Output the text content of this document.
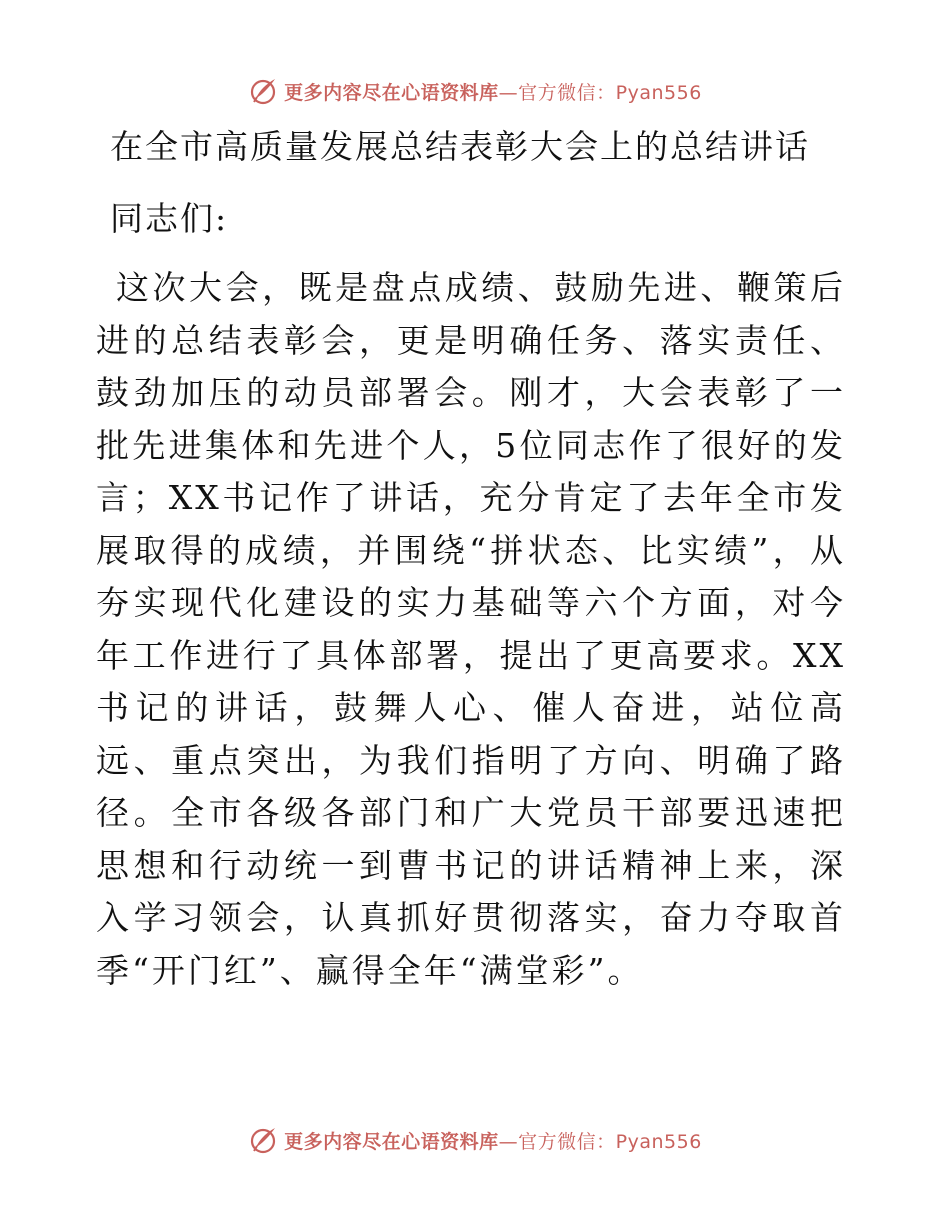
更多内容尽在心语资料库—官方微信：Pyan556
在全市高质量发展总结表彰大会上的总结讲话

同志们:

这次大会，既是盘点成绩、鼓励先进、鞭策后进的总结表彰会，更是明确任务、落实责任、鼓劲加压的动员部署会。刚才，大会表彰了一批先进集体和先进个人，5位同志作了很好的发言；XX书记作了讲话，充分肯定了去年全市发展取得的成绩，并围绕“拼状态、比实绩”，从夯实现代化建设的实力基础等六个方面，对今年工作进行了具体部署，提出了更高要求。XX书记的讲话，鼓舞人心、催人奋进，站位高远、重点突出，为我们指明了方向、明确了路径。全市各级各部门和广大党员干部要迅速把思想和行动统一到曹书记的讲话精神上来，深入学习领会，认真抓好贯彻落实，奋力夺取首季“开门红”、赢得全年“满堂彩”。

更多内容尽在心语资料库—官方微信：Pyan556
